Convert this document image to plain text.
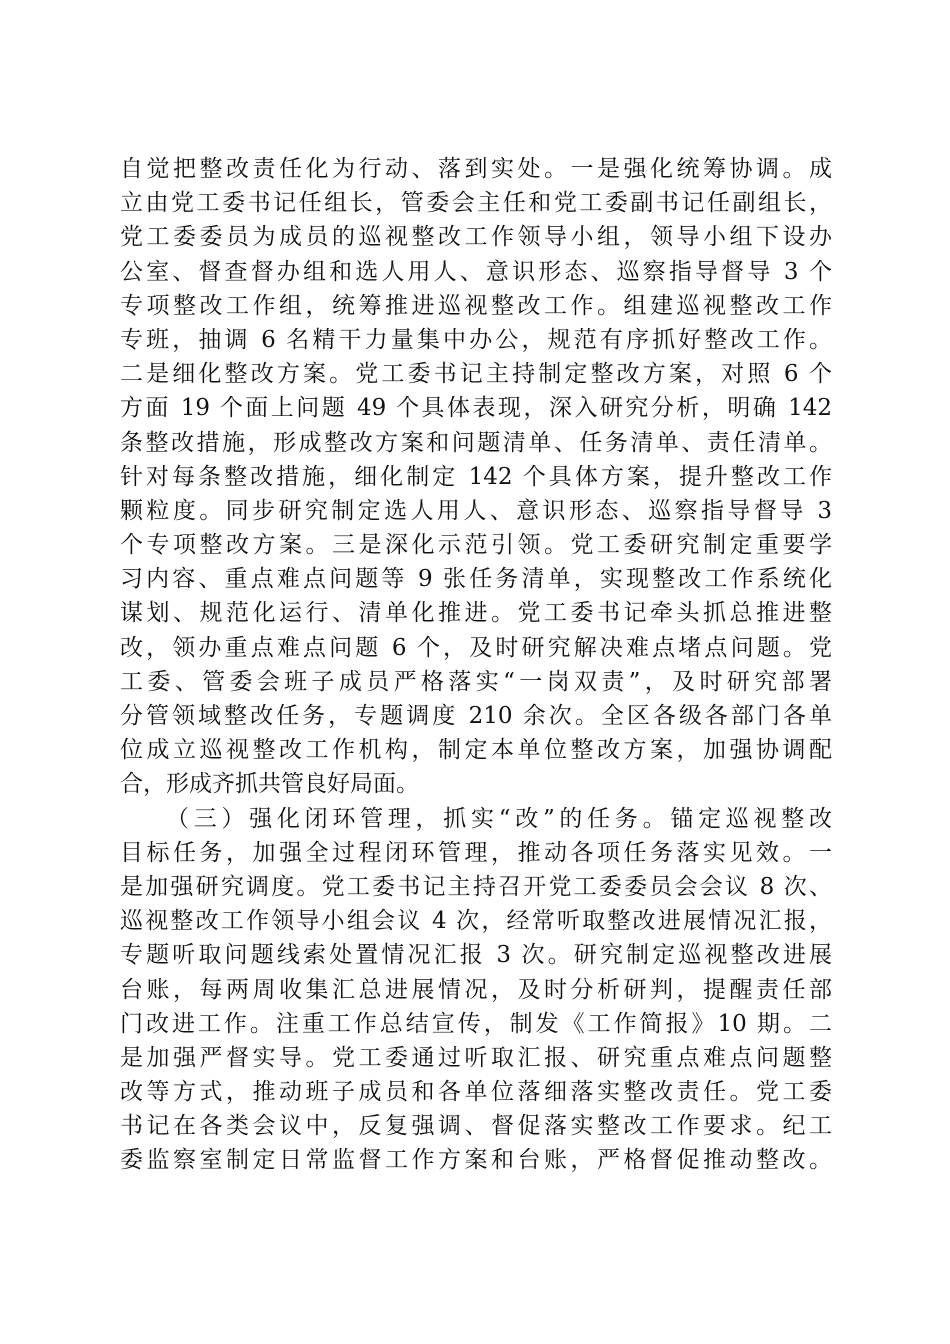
自觉把整改责任化为行动、落到实处。一是强化统筹协调。成
立由党工委书记任组长，管委会主任和党工委副书记任副组长，
党工委委员为成员的巡视整改工作领导小组，领导小组下设办
公室、督查督办组和选人用人、意识形态、巡察指导督导 3 个
专项整改工作组，统筹推进巡视整改工作。组建巡视整改工作
专班，抽调 6 名精干力量集中办公，规范有序抓好整改工作。
二是细化整改方案。党工委书记主持制定整改方案，对照 6 个
方面 19 个面上问题 49 个具体表现，深入研究分析，明确 142
条整改措施，形成整改方案和问题清单、任务清单、责任清单。
针对每条整改措施，细化制定 142 个具体方案，提升整改工作
颗粒度。同步研究制定选人用人、意识形态、巡察指导督导 3
个专项整改方案。三是深化示范引领。党工委研究制定重要学
习内容、重点难点问题等 9 张任务清单，实现整改工作系统化
谋划、规范化运行、清单化推进。党工委书记牵头抓总推进整
改，领办重点难点问题 6 个，及时研究解决难点堵点问题。党
工委、管委会班子成员严格落实“一岗双责”，及时研究部署
分管领域整改任务，专题调度 210 余次。全区各级各部门各单
位成立巡视整改工作机构，制定本单位整改方案，加强协调配
合，形成齐抓共管良好局面。
（三）强化闭环管理，抓实“改”的任务。锚定巡视整改
目标任务，加强全过程闭环管理，推动各项任务落实见效。一
是加强研究调度。党工委书记主持召开党工委委员会会议 8 次、
巡视整改工作领导小组会议 4 次，经常听取整改进展情况汇报，
专题听取问题线索处置情况汇报 3 次。研究制定巡视整改进展
台账，每两周收集汇总进展情况，及时分析研判，提醒责任部
门改进工作。注重工作总结宣传，制发《工作简报》10 期。二
是加强严督实导。党工委通过听取汇报、研究重点难点问题整
改等方式，推动班子成员和各单位落细落实整改责任。党工委
书记在各类会议中，反复强调、督促落实整改工作要求。纪工
委监察室制定日常监督工作方案和台账，严格督促推动整改。
